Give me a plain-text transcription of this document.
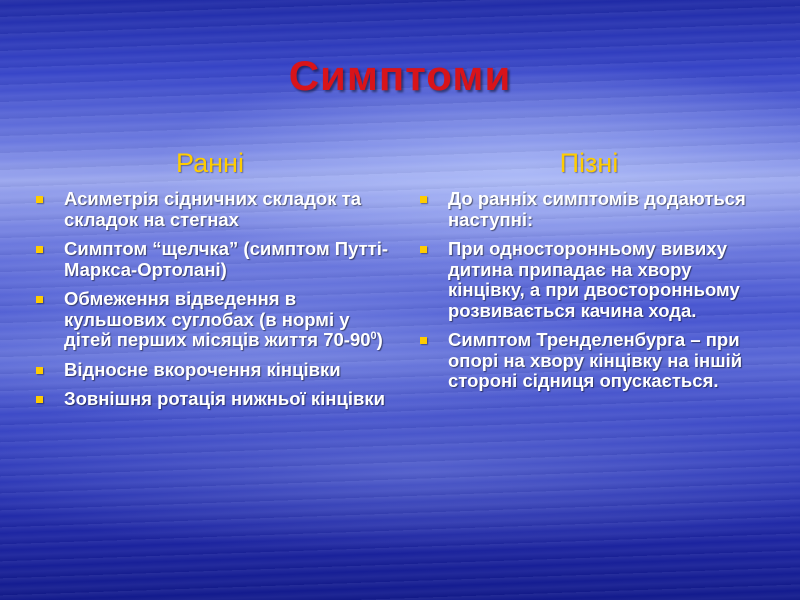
Симптоми
Ранні
Асиметрія сідничних складок та складок на стегнах
Симптом “щелчка” (симптом Путті-Маркса-Ортолані)
Обмеження відведення в кульшових суглобах (в нормі у дітей перших місяців життя $70-90^0$)
Відносне вкорочення кінцівки
Зовнішня ротація нижньої кінцівки
Пізні
До ранніх симптомів додаються наступні:
При односторонньому вивиху дитина припадає на хвору кінцівку, а при двосторонньому розвивається качина хода.
Симптом Тренделенбурга – при опорі на хвору кінцівку на іншій стороні сідниця опускається.
